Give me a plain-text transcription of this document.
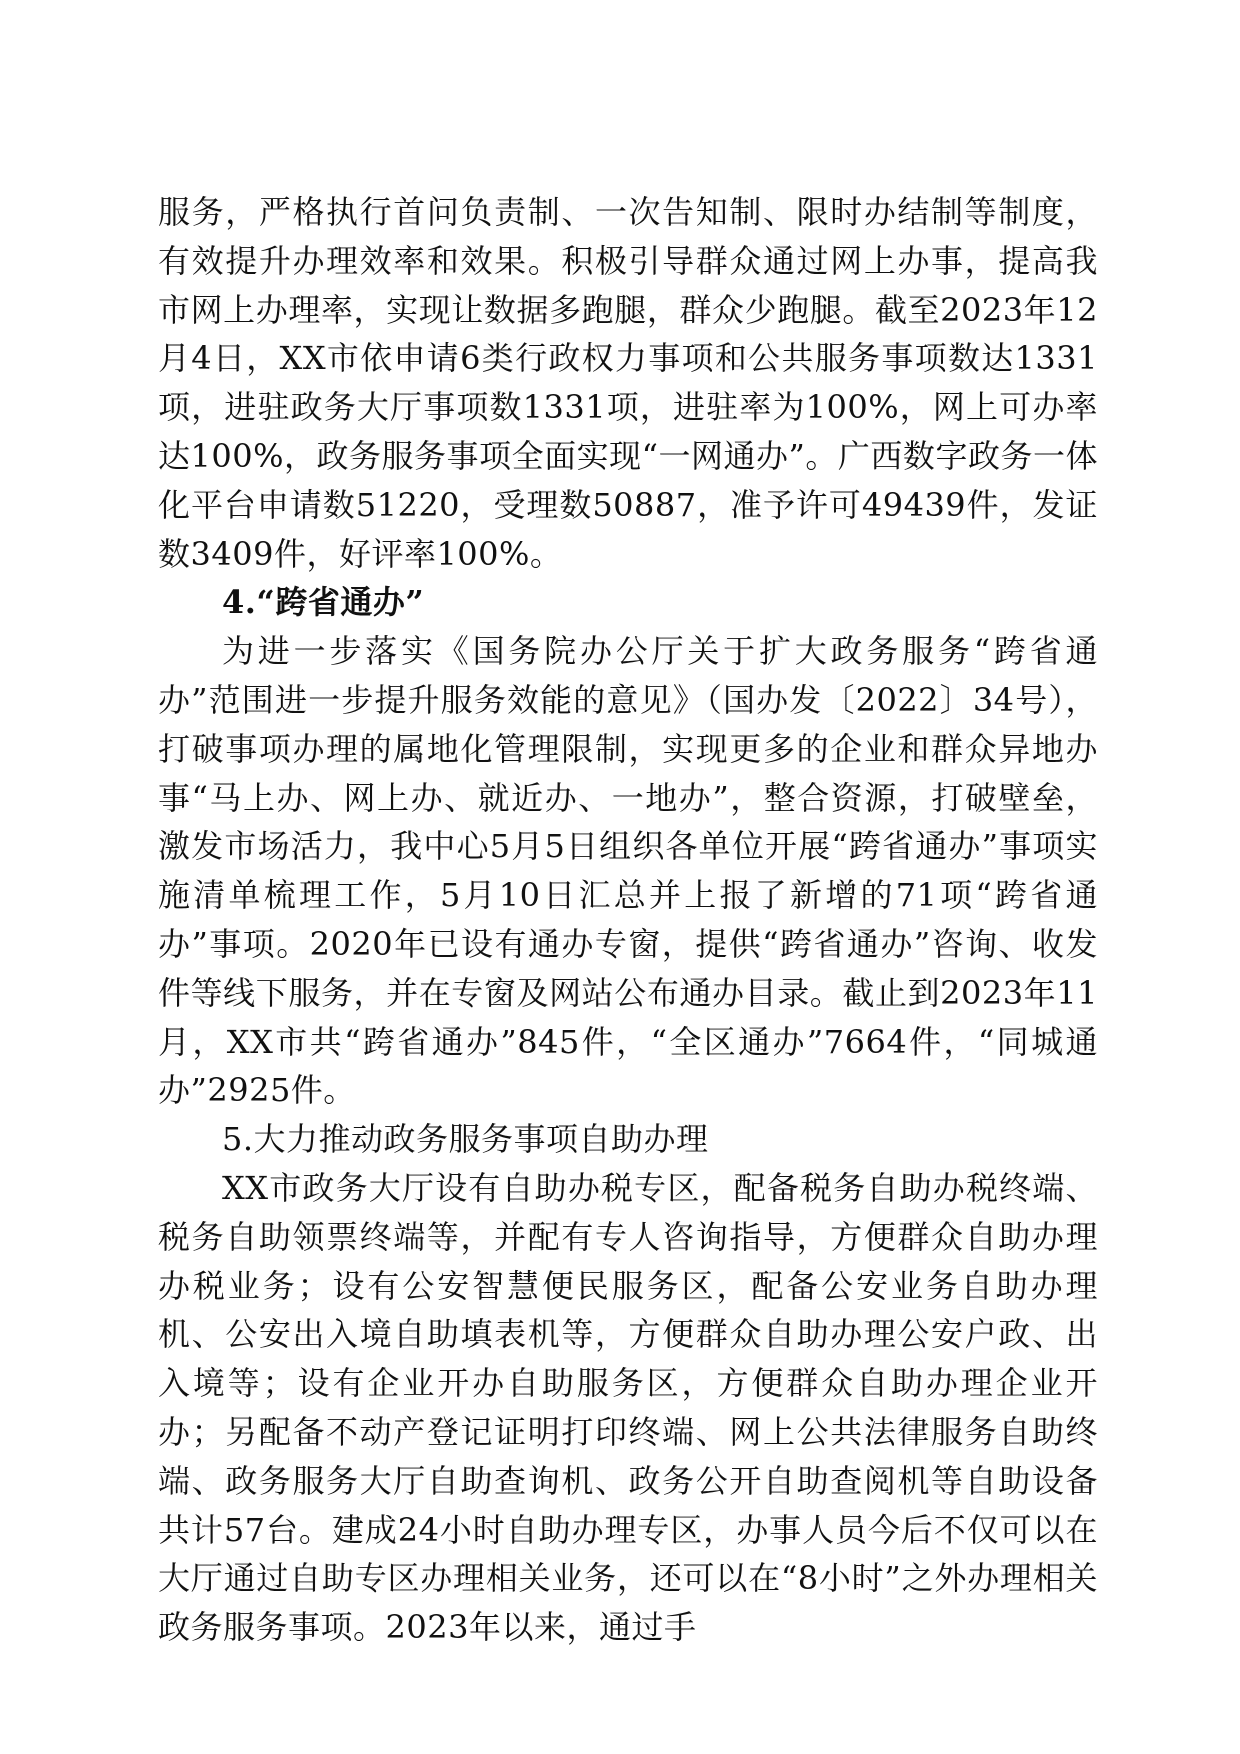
服务，严格执行首问负责制、一次告知制、限时办结制等制度，有效提升办理效率和效果。积极引导群众通过网上办事，提高我市网上办理率，实现让数据多跑腿，群众少跑腿。截至2023年12月4日，XX市依申请6类行政权力事项和公共服务事项数达1331项，进驻政务大厅事项数1331项，进驻率为100%，网上可办率达100%，政务服务事项全面实现“一网通办”。广西数字政务一体化平台申请数51220，受理数50887，准予许可49439件，发证数3409件，好评率100%。

4.“跨省通办”

为进一步落实《国务院办公厅关于扩大政务服务“跨省通办”范围进一步提升服务效能的意见》（国办发〔2022〕34号），打破事项办理的属地化管理限制，实现更多的企业和群众异地办事“马上办、网上办、就近办、一地办”，整合资源，打破壁垒，激发市场活力，我中心5月5日组织各单位开展“跨省通办”事项实施清单梳理工作，5月10日汇总并上报了新增的71项“跨省通办”事项。2020年已设有通办专窗，提供“跨省通办”咨询、收发件等线下服务，并在专窗及网站公布通办目录。截止到2023年11月，XX市共“跨省通办”845件，“全区通办”7664件，“同城通办”2925件。

5.大力推动政务服务事项自助办理

XX市政务大厅设有自助办税专区，配备税务自助办税终端、税务自助领票终端等，并配有专人咨询指导，方便群众自助办理办税业务；设有公安智慧便民服务区，配备公安业务自助办理机、公安出入境自助填表机等，方便群众自助办理公安户政、出入境等；设有企业开办自助服务区，方便群众自助办理企业开办；另配备不动产登记证明打印终端、网上公共法律服务自助终端、政务服务大厅自助查询机、政务公开自助查阅机等自助设备共计57台。建成24小时自助办理专区，办事人员今后不仅可以在大厅通过自助专区办理相关业务，还可以在“8小时”之外办理相关政务服务事项。2023年以来，通过手
